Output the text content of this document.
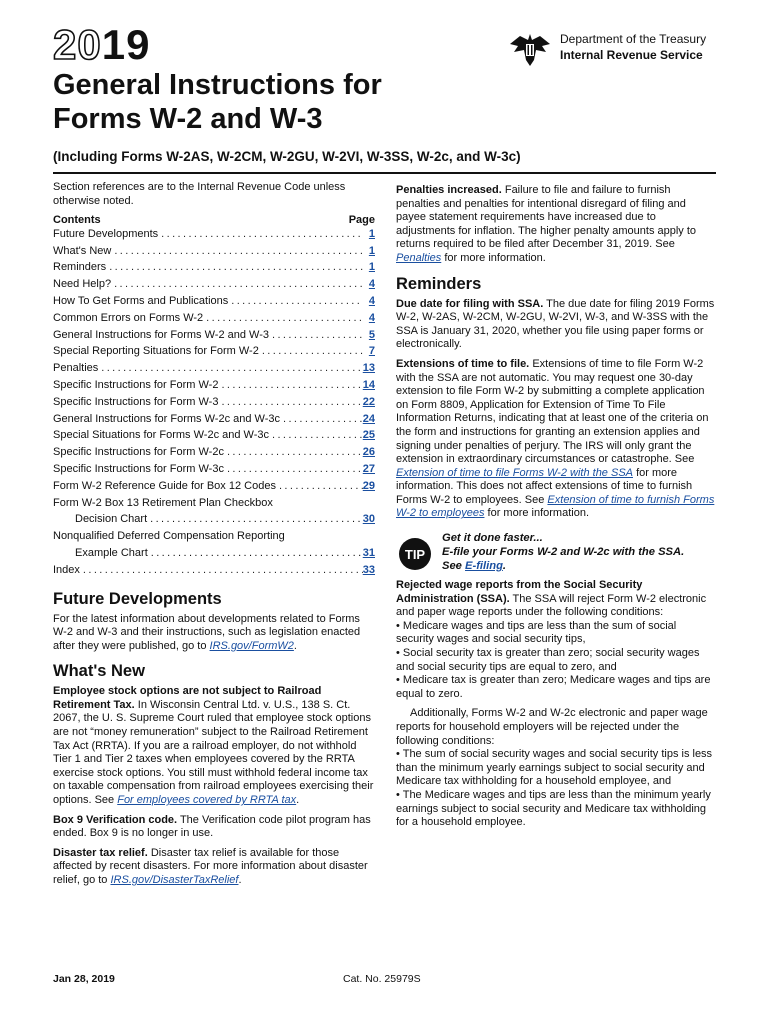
2019	Department of the Treasury
Internal Revenue Service
General Instructions for
Forms W-2 and W-3
(Including Forms W-2AS, W-2CM, W-2GU, W-2VI, W-3SS, W-2c, and W-3c)

Section references are to the Internal Revenue Code unless otherwise noted.

Contents	Page
Future Developments .....	1
What's New .....	1
Reminders .....	1
Need Help? .....	4
How To Get Forms and Publications .....	4
Common Errors on Forms W-2 .....	4
General Instructions for Forms W-2 and W-3 .....	5
Special Reporting Situations for Form W-2 .....	7
Penalties .....	13
Specific Instructions for Form W-2 .....	14
Specific Instructions for Form W-3 .....	22
General Instructions for Forms W-2c and W-3c .....	24
Special Situations for Forms W-2c and W-3c .....	25
Specific Instructions for Form W-2c .....	26
Specific Instructions for Form W-3c .....	27
Form W-2 Reference Guide for Box 12 Codes .....	29
Form W-2 Box 13 Retirement Plan Checkbox
Decision Chart .....	30
Nonqualified Deferred Compensation Reporting
Example Chart .....	31
Index .....	33
Future Developments

For the latest information about developments related to Forms W-2 and W-3 and their instructions, such as legislation enacted after they were published, go to IRS.gov/FormW2.

What's New

Employee stock options are not subject to Railroad Retirement Tax. In Wisconsin Central Ltd. v. U.S., 138 S. Ct. 2067, the U. S. Supreme Court ruled that employee stock options are not “money remuneration” subject to the Railroad Retirement Tax Act (RRTA). If you are a railroad employer, do not withhold Tier 1 and Tier 2 taxes when employees covered by the RRTA exercise stock options. You still must withhold federal income tax on taxable compensation from railroad employees exercising their options. See For employees covered by RRTA tax.

Box 9 Verification code. The Verification code pilot program has ended. Box 9 is no longer in use.

Disaster tax relief. Disaster tax relief is available for those affected by recent disasters. For more information about disaster relief, go to IRS.gov/DisasterTaxRelief.

Penalties increased. Failure to file and failure to furnish penalties and penalties for intentional disregard of filing and payee statement requirements have increased due to adjustments for inflation. The higher penalty amounts apply to returns required to be filed after December 31, 2019. See Penalties for more information.

Reminders

Due date for filing with SSA. The due date for filing 2019 Forms W-2, W-2AS, W-2CM, W-2GU, W-2VI, W-3, and W-3SS with the SSA is January 31, 2020, whether you file using paper forms or electronically.

Extensions of time to file. Extensions of time to file Form W-2 with the SSA are not automatic. You may request one 30-day extension to file Form W-2 by submitting a complete application on Form 8809, Application for Extension of Time To File Information Returns, indicating that at least one of the criteria on the form and instructions for granting an extension applies and signing under penalties of perjury. The IRS will only grant the extension in extraordinary circumstances or catastrophe. See Extension of time to file Forms W-2 with the SSA for more information. This does not affect extensions of time to furnish Forms W-2 to employees. See Extension of time to furnish Forms W-2 to employees for more information.

TIP
Get it done faster...
E-file your Forms W-2 and W-2c with the SSA.
See E-filing.

Rejected wage reports from the Social Security Administration (SSA). The SSA will reject Form W-2 electronic and paper wage reports under the following conditions:

• Medicare wages and tips are less than the sum of social security wages and social security tips,

• Social security tax is greater than zero; social security wages and social security tips are equal to zero, and

• Medicare tax is greater than zero; Medicare wages and tips are equal to zero.

Additionally, Forms W-2 and W-2c electronic and paper wage reports for household employers will be rejected under the following conditions:

• The sum of social security wages and social security tips is less than the minimum yearly earnings subject to social security and Medicare tax withholding for a household employee, and

• The Medicare wages and tips are less than the minimum yearly earnings subject to social security and Medicare tax withholding for a household employee.

Jan 28, 2019	Cat. No. 25979S
